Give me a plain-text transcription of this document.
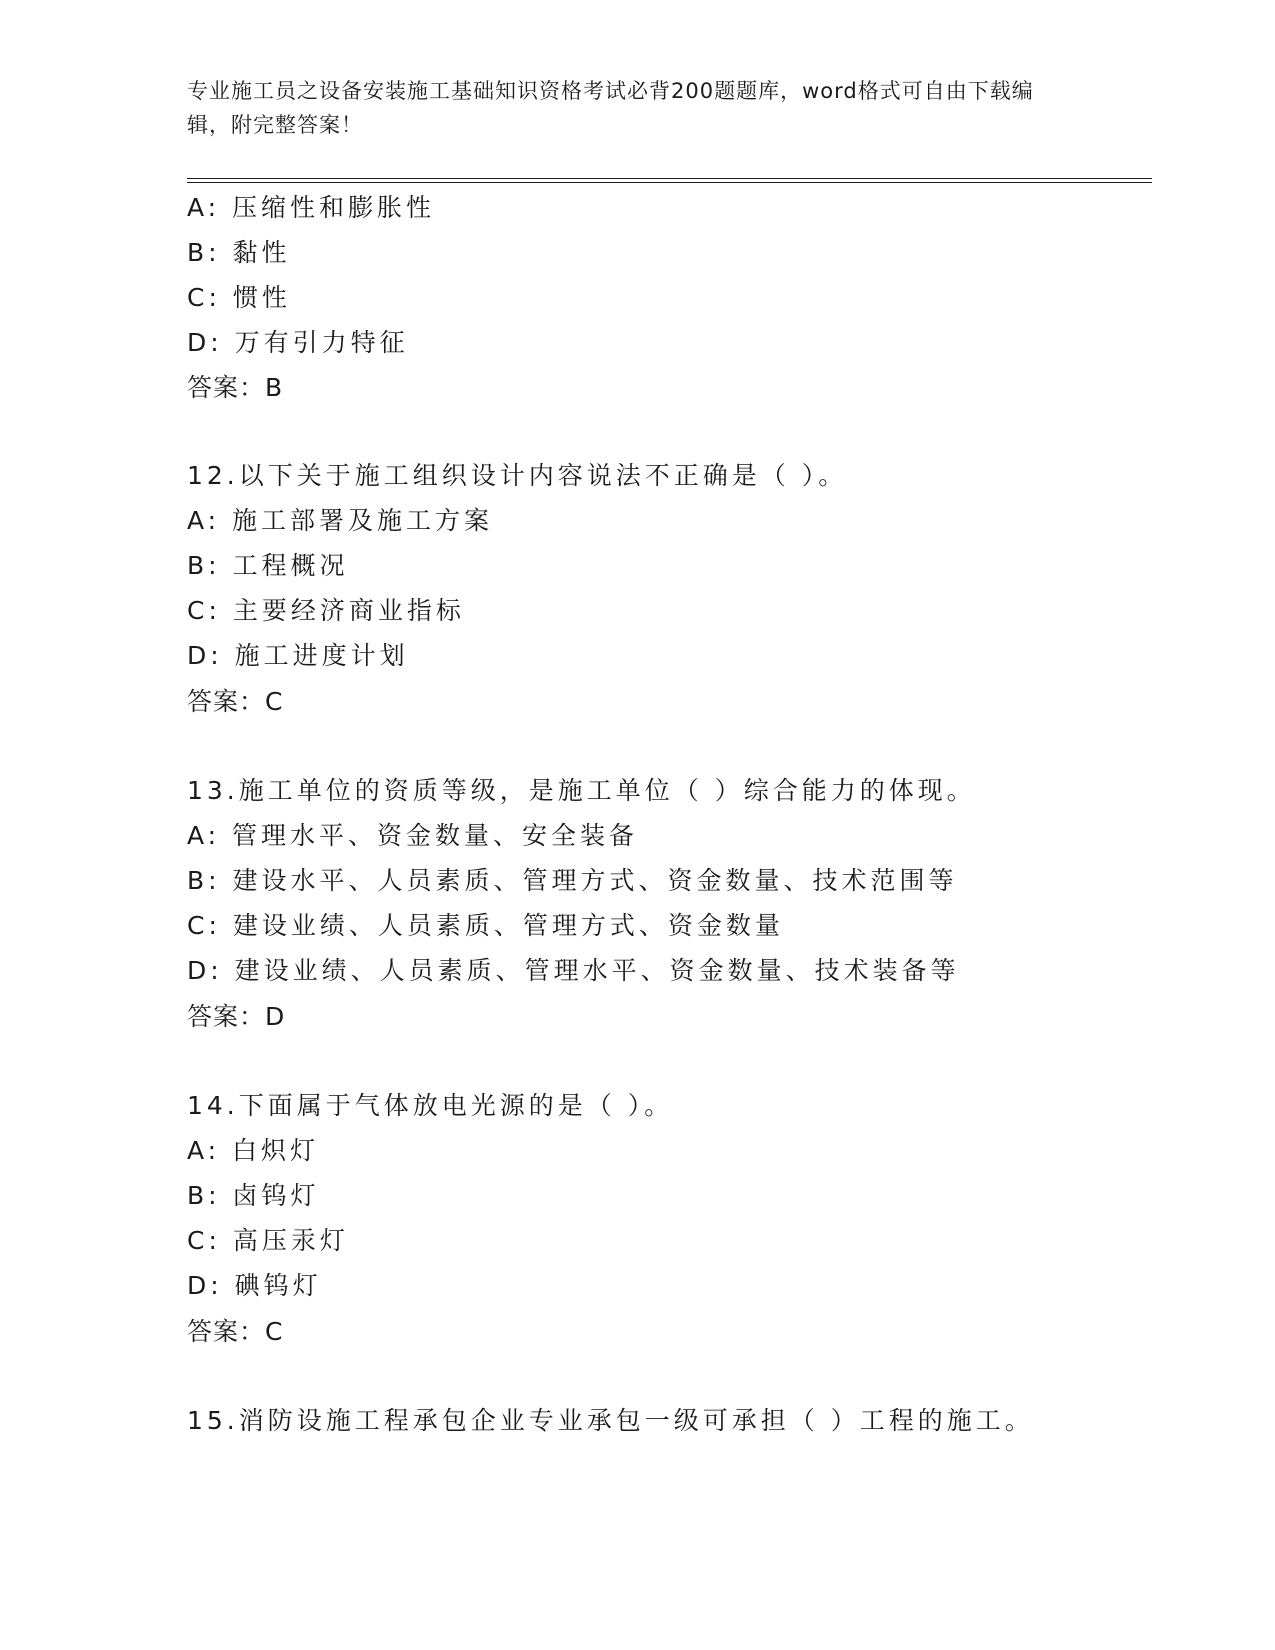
专业施工员之设备安装施工基础知识资格考试必背200题题库，word格式可自由下载编辑，附完整答案！
A: 压缩性和膨胀性
B: 黏性
C: 惯性
D: 万有引力特征
答案：B
12.以下关于施工组织设计内容说法不正确是（ ）。
A: 施工部署及施工方案
B: 工程概况
C: 主要经济商业指标
D: 施工进度计划
答案：C
13.施工单位的资质等级，是施工单位（ ）综合能力的体现。
A: 管理水平、资金数量、安全装备
B: 建设水平、人员素质、管理方式、资金数量、技术范围等
C: 建设业绩、人员素质、管理方式、资金数量
D: 建设业绩、人员素质、管理水平、资金数量、技术装备等
答案：D
14.下面属于气体放电光源的是（ ）。
A: 白炽灯
B: 卤钨灯
C: 高压汞灯
D: 碘钨灯
答案：C
15.消防设施工程承包企业专业承包一级可承担（ ）工程的施工。
